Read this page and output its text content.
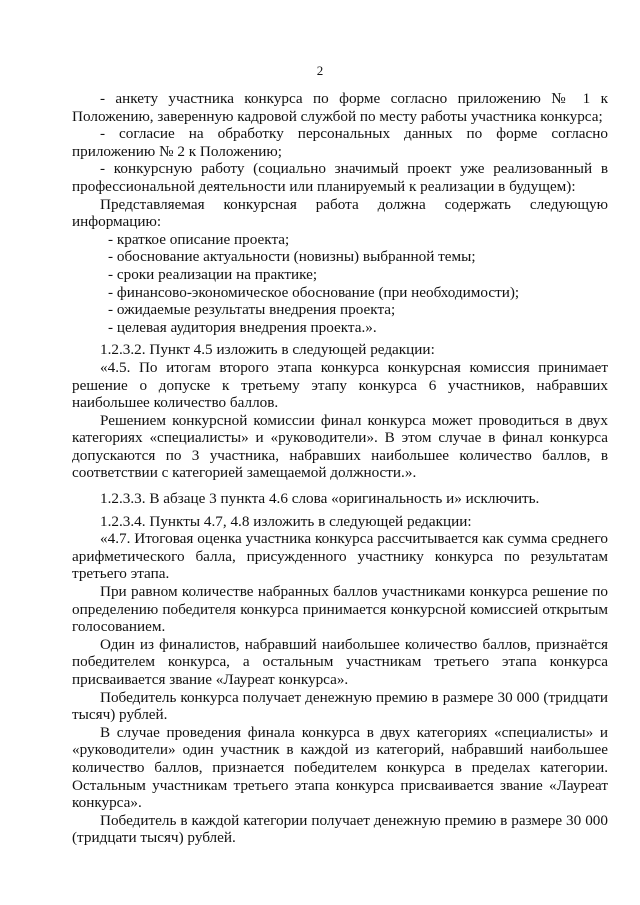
2

- анкету участника конкурса по форме согласно приложению № 1 к Положению, заверенную кадровой службой по месту работы участника конкурса;

- согласие на обработку персональных данных по форме согласно приложению № 2 к Положению;

- конкурсную работу (социально значимый проект уже реализованный в профессиональной деятельности или планируемый к реализации в будущем):

Представляемая конкурсная работа должна содержать следующую информацию:

- краткое описание проекта;

- обоснование актуальности (новизны) выбранной темы;

- сроки реализации на практике;

- финансово-экономическое обоснование (при необходимости);

- ожидаемые результаты внедрения проекта;

- целевая аудитория внедрения проекта.».

1.2.3.2. Пункт 4.5 изложить в следующей редакции:

«4.5. По итогам второго этапа конкурса конкурсная комиссия принимает решение о допуске к третьему этапу конкурса 6 участников, набравших наибольшее количество баллов.

Решением конкурсной комиссии финал конкурса может проводиться в двух категориях «специалисты» и «руководители». В этом случае в финал конкурса допускаются по 3 участника, набравших наибольшее количество баллов, в соответствии с категорией замещаемой должности.».

1.2.3.3. В абзаце 3 пункта 4.6 слова «оригинальность и» исключить.

1.2.3.4. Пункты 4.7, 4.8 изложить в следующей редакции:

«4.7. Итоговая оценка участника конкурса рассчитывается как сумма среднего арифметического балла, присужденного участнику конкурса по результатам третьего этапа.

При равном количестве набранных баллов участниками конкурса решение по определению победителя конкурса принимается конкурсной комиссией открытым голосованием.

Один из финалистов, набравший наибольшее количество баллов, признаётся победителем конкурса, а остальным участникам третьего этапа конкурса присваивается звание «Лауреат конкурса».

Победитель конкурса получает денежную премию в размере 30 000 (тридцати тысяч) рублей.

В случае проведения финала конкурса в двух категориях «специалисты» и «руководители» один участник в каждой из категорий, набравший наибольшее количество баллов, признается победителем конкурса в пределах категории. Остальным участникам третьего этапа конкурса присваивается звание «Лауреат конкурса».

Победитель в каждой категории получает денежную премию в размере 30 000 (тридцати тысяч) рублей.
